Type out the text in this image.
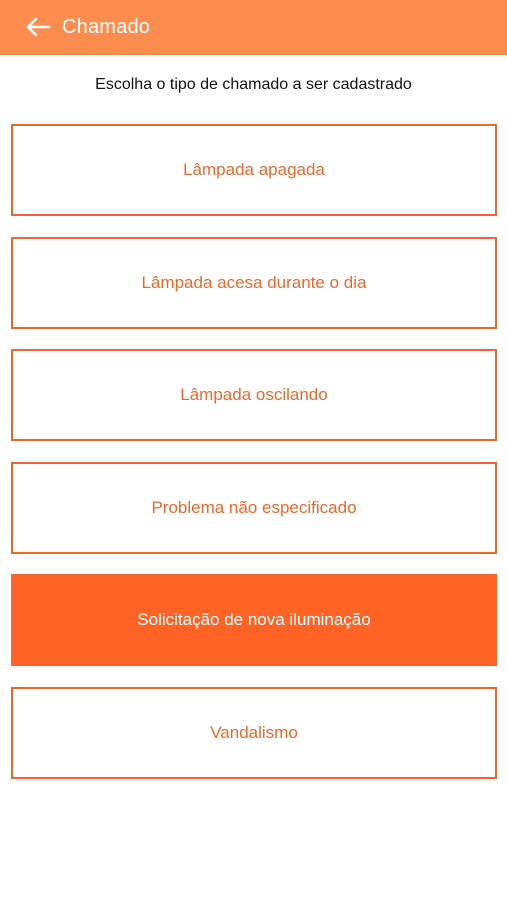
Chamado
Escolha o tipo de chamado a ser cadastrado
Lâmpada apagada
Lâmpada acesa durante o dia
Lâmpada oscilando
Problema não especificado
Solicitação de nova iluminação
Vandalismo
